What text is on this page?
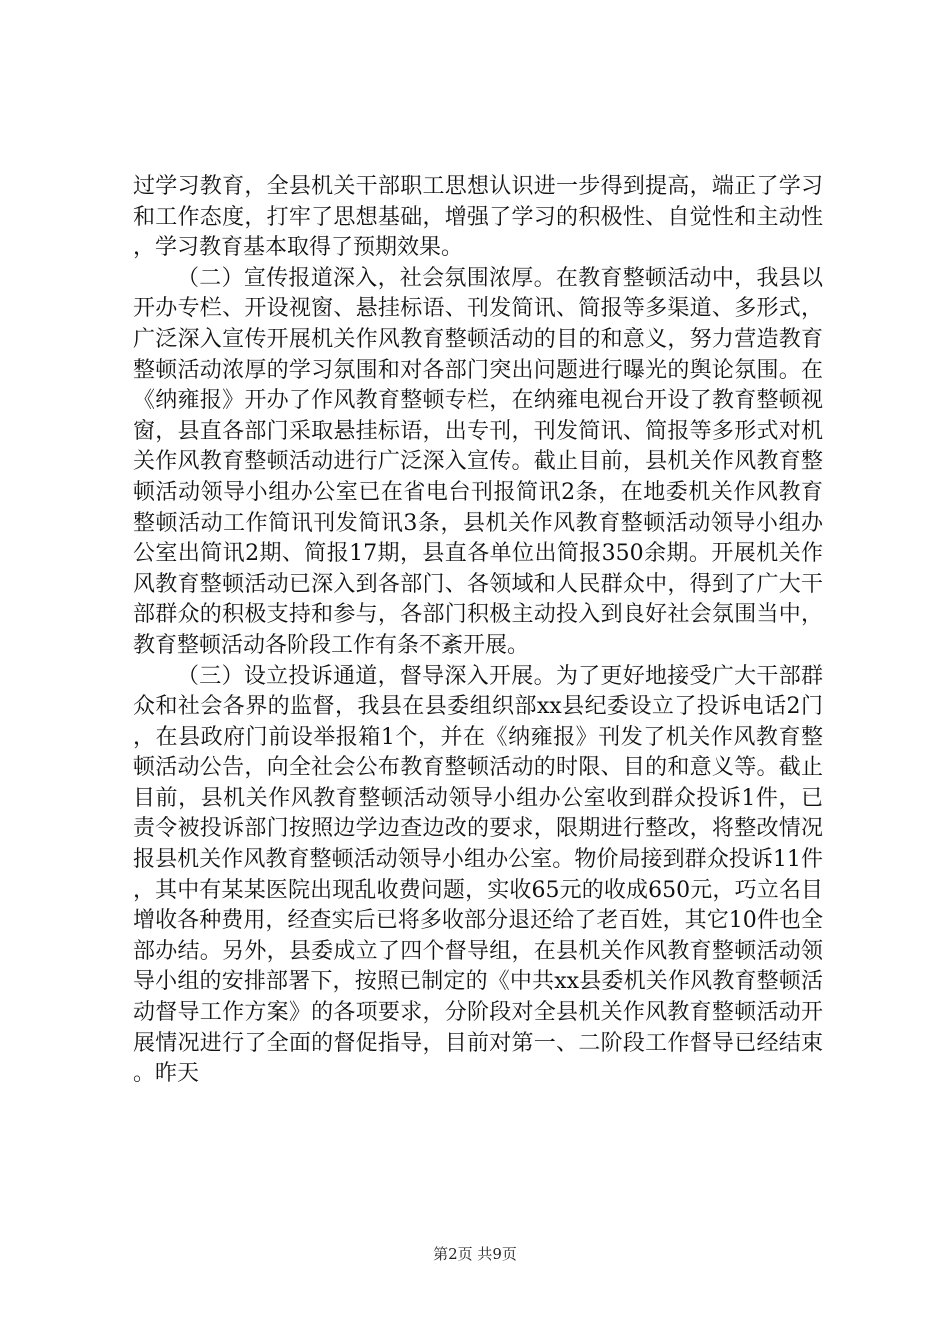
过学习教育，全县机关干部职工思想认识进一步得到提高，端正了学习和工作态度，打牢了思想基础，增强了学习的积极性、自觉性和主动性，学习教育基本取得了预期效果。

（二）宣传报道深入，社会氛围浓厚。在教育整顿活动中，我县以开办专栏、开设视窗、悬挂标语、刊发简讯、简报等多渠道、多形式，广泛深入宣传开展机关作风教育整顿活动的目的和意义，努力营造教育整顿活动浓厚的学习氛围和对各部门突出问题进行曝光的舆论氛围。在《纳雍报》开办了作风教育整顿专栏，在纳雍电视台开设了教育整顿视窗，县直各部门采取悬挂标语，出专刊，刊发简讯、简报等多形式对机关作风教育整顿活动进行广泛深入宣传。截止目前，县机关作风教育整顿活动领导小组办公室已在省电台刊报简讯2条，在地委机关作风教育整顿活动工作简讯刊发简讯3条，县机关作风教育整顿活动领导小组办公室出简讯2期、简报17期，县直各单位出简报350余期。开展机关作风教育整顿活动已深入到各部门、各领域和人民群众中，得到了广大干部群众的积极支持和参与，各部门积极主动投入到良好社会氛围当中，教育整顿活动各阶段工作有条不紊开展。

（三）设立投诉通道，督导深入开展。为了更好地接受广大干部群众和社会各界的监督，我县在县委组织部xx县纪委设立了投诉电话2门，在县政府门前设举报箱1个，并在《纳雍报》刊发了机关作风教育整顿活动公告，向全社会公布教育整顿活动的时限、目的和意义等。截止目前，县机关作风教育整顿活动领导小组办公室收到群众投诉1件，已责令被投诉部门按照边学边查边改的要求，限期进行整改，将整改情况报县机关作风教育整顿活动领导小组办公室。物价局接到群众投诉11件，其中有某某医院出现乱收费问题，实收65元的收成650元，巧立名目增收各种费用，经查实后已将多收部分退还给了老百姓，其它10件也全部办结。另外，县委成立了四个督导组，在县机关作风教育整顿活动领导小组的安排部署下，按照已制定的《中共xx县委机关作风教育整顿活动督导工作方案》的各项要求，分阶段对全县机关作风教育整顿活动开展情况进行了全面的督促指导，目前对第一、二阶段工作督导已经结束。昨天

第2页 共9页
